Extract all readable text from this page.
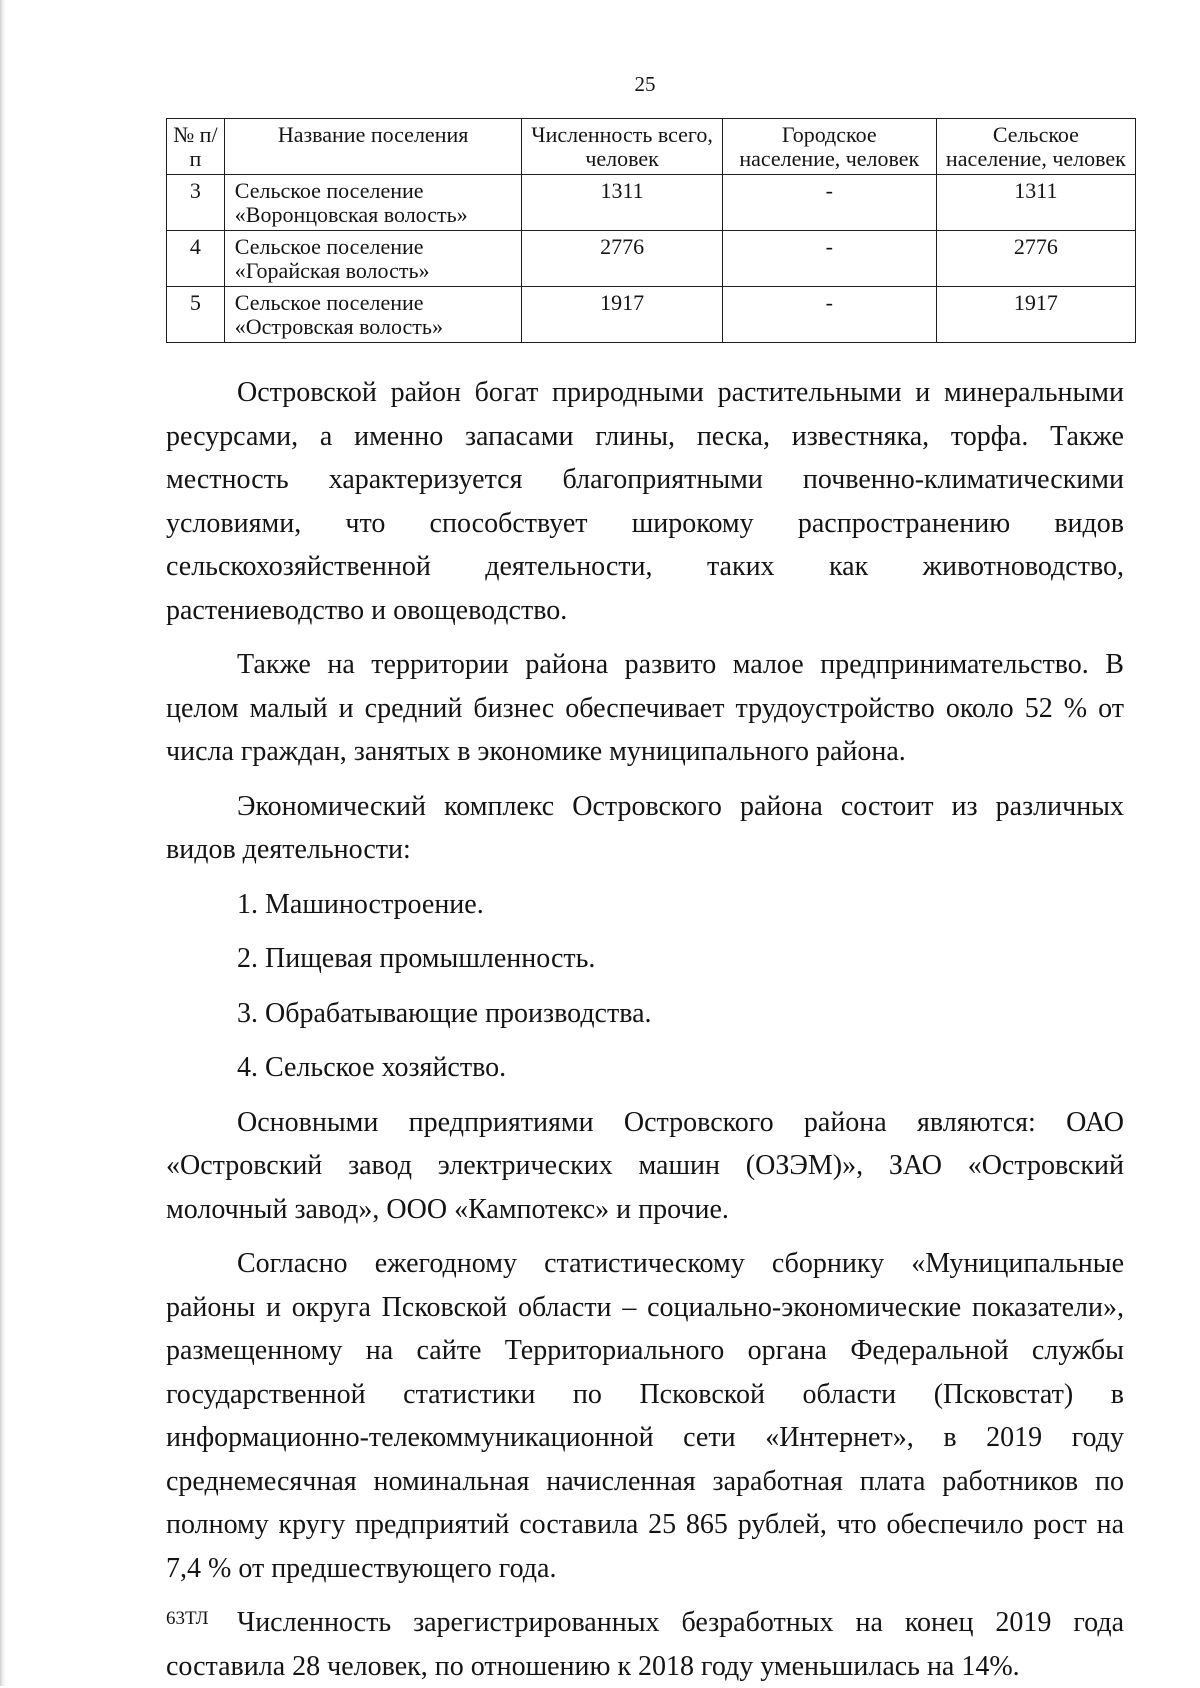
25
№ п/п	Название поселения	Численность всего, человек	Городское население, человек	Сельское население, человек
3	Сельское поселение «Воронцовская волость»	1311	-	1311
4	Сельское поселение «Горайская волость»	2776	-	2776
5	Сельское поселение «Островская волость»	1917	-	1917

Островской район богат природными растительными и минеральными ресурсами, а именно запасами глины, песка, известняка, торфа. Также местность характеризуется благоприятными почвенно-климатическими условиями, что способствует широкому распространению видов сельскохозяйственной деятельности, таких как животноводство, растениеводство и овощеводство.

Также на территории района развито малое предпринимательство. В целом малый и средний бизнес обеспечивает трудоустройство около 52 % от числа граждан, занятых в экономике муниципального района.

Экономический комплекс Островского района состоит из различных видов деятельности:

1. Машиностроение.

2. Пищевая промышленность.

3. Обрабатывающие производства.

4. Сельское хозяйство.

Основными предприятиями Островского района являются: ОАО «Островский завод электрических машин (ОЗЭМ)», ЗАО «Островский молочный завод», ООО «Кампотекс» и прочие.

Согласно ежегодному статистическому сборнику «Муниципальные районы и округа Псковской области – социально-экономические показатели», размещенному на сайте Территориального органа Федеральной службы государственной статистики по Псковской области (Псковстат) в информационно-телекоммуникационной сети «Интернет», в 2019 году среднемесячная номинальная начисленная заработная плата работников по полному кругу предприятий составила 25 865 рублей, что обеспечило рост на 7,4 % от предшествующего года.

Численность зарегистрированных безработных на конец 2019 года составила 28 человек, по отношению к 2018 году уменьшилась на 14%.

63ТЛ
